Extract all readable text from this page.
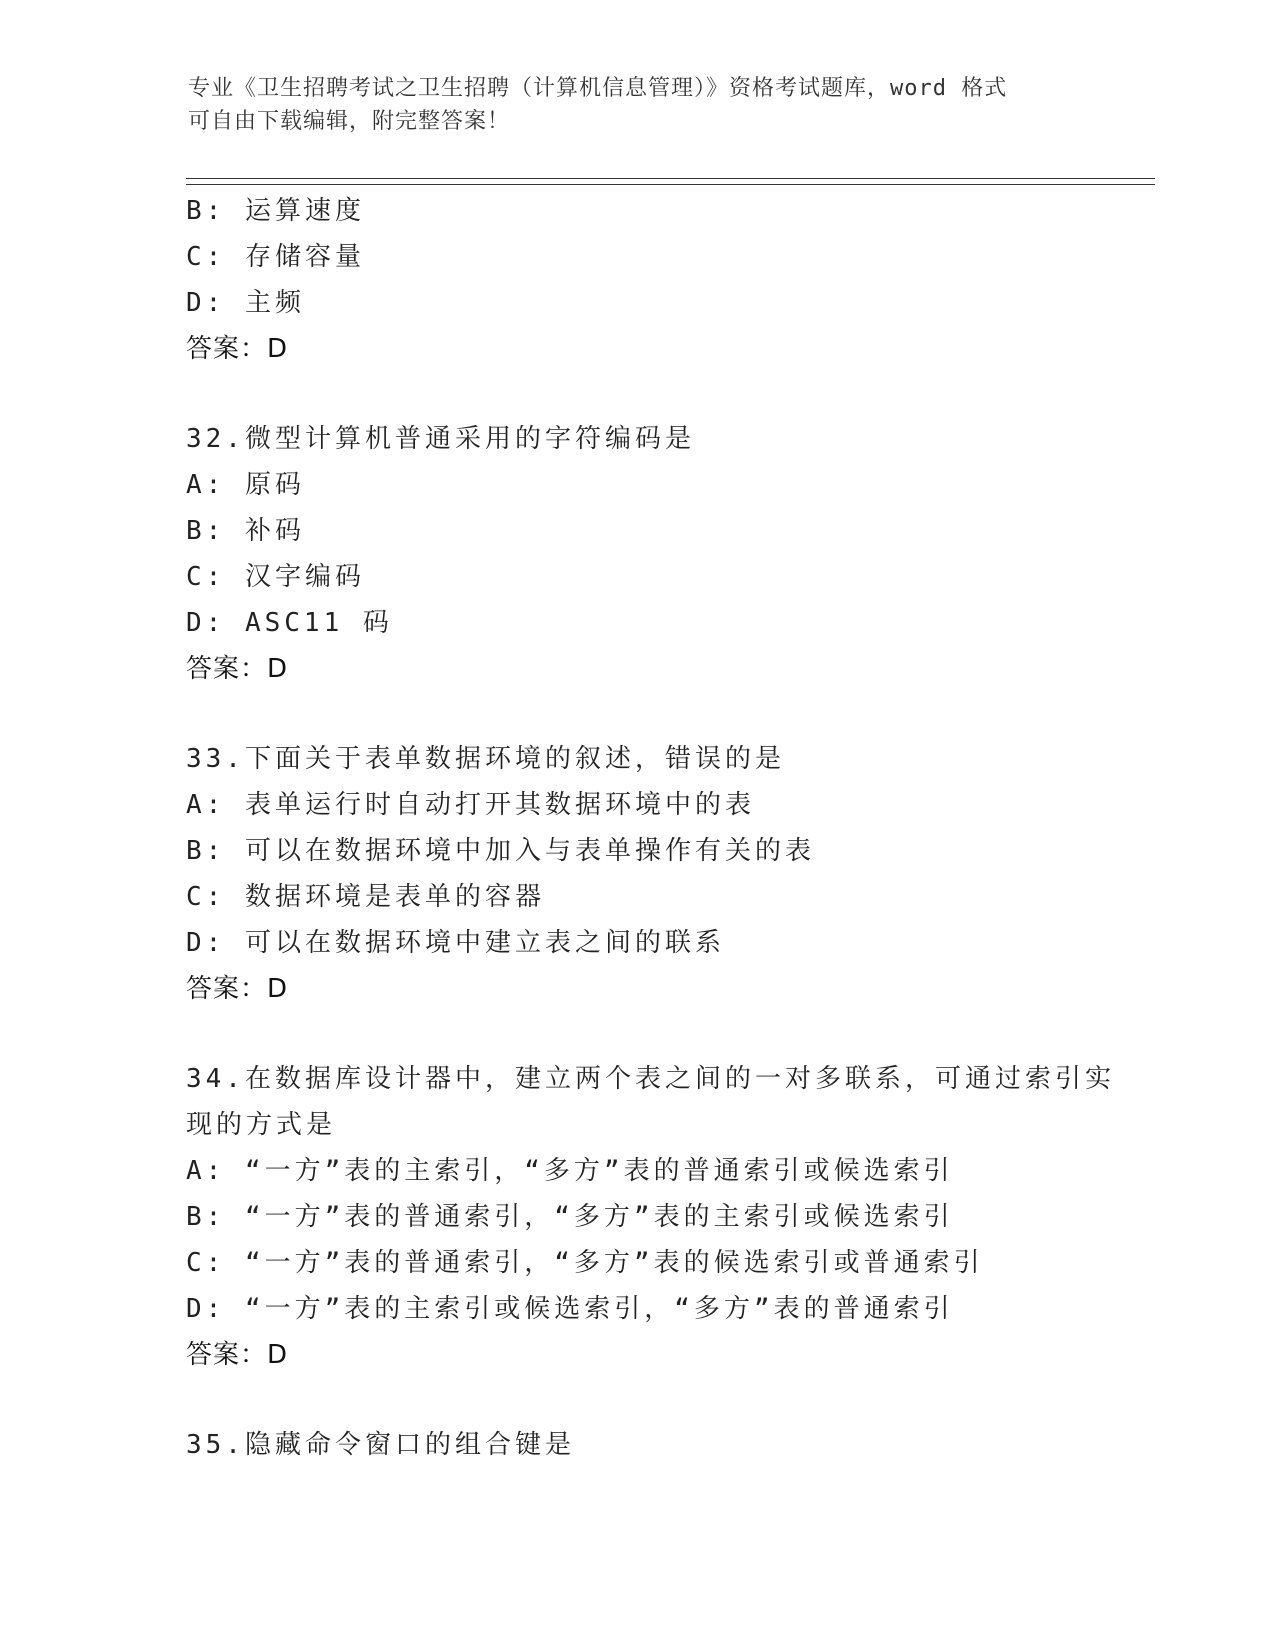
专业《卫生招聘考试之卫生招聘（计算机信息管理）》资格考试题库，word 格式
可自由下载编辑，附完整答案！
B: 运算速度
C: 存储容量
D: 主频
答案：D
32.微型计算机普通采用的字符编码是
A: 原码
B: 补码
C: 汉字编码
D: ASC11 码
答案：D
33.下面关于表单数据环境的叙述，错误的是
A: 表单运行时自动打开其数据环境中的表
B: 可以在数据环境中加入与表单操作有关的表
C: 数据环境是表单的容器
D: 可以在数据环境中建立表之间的联系
答案：D
34.在数据库设计器中，建立两个表之间的一对多联系，可通过索引实
现的方式是
A: “一方”表的主索引，“多方”表的普通索引或候选索引
B: “一方”表的普通索引，“多方”表的主索引或候选索引
C: “一方”表的普通索引，“多方”表的候选索引或普通索引
D: “一方”表的主索引或候选索引，“多方”表的普通索引
答案：D
35.隐藏命令窗口的组合键是
